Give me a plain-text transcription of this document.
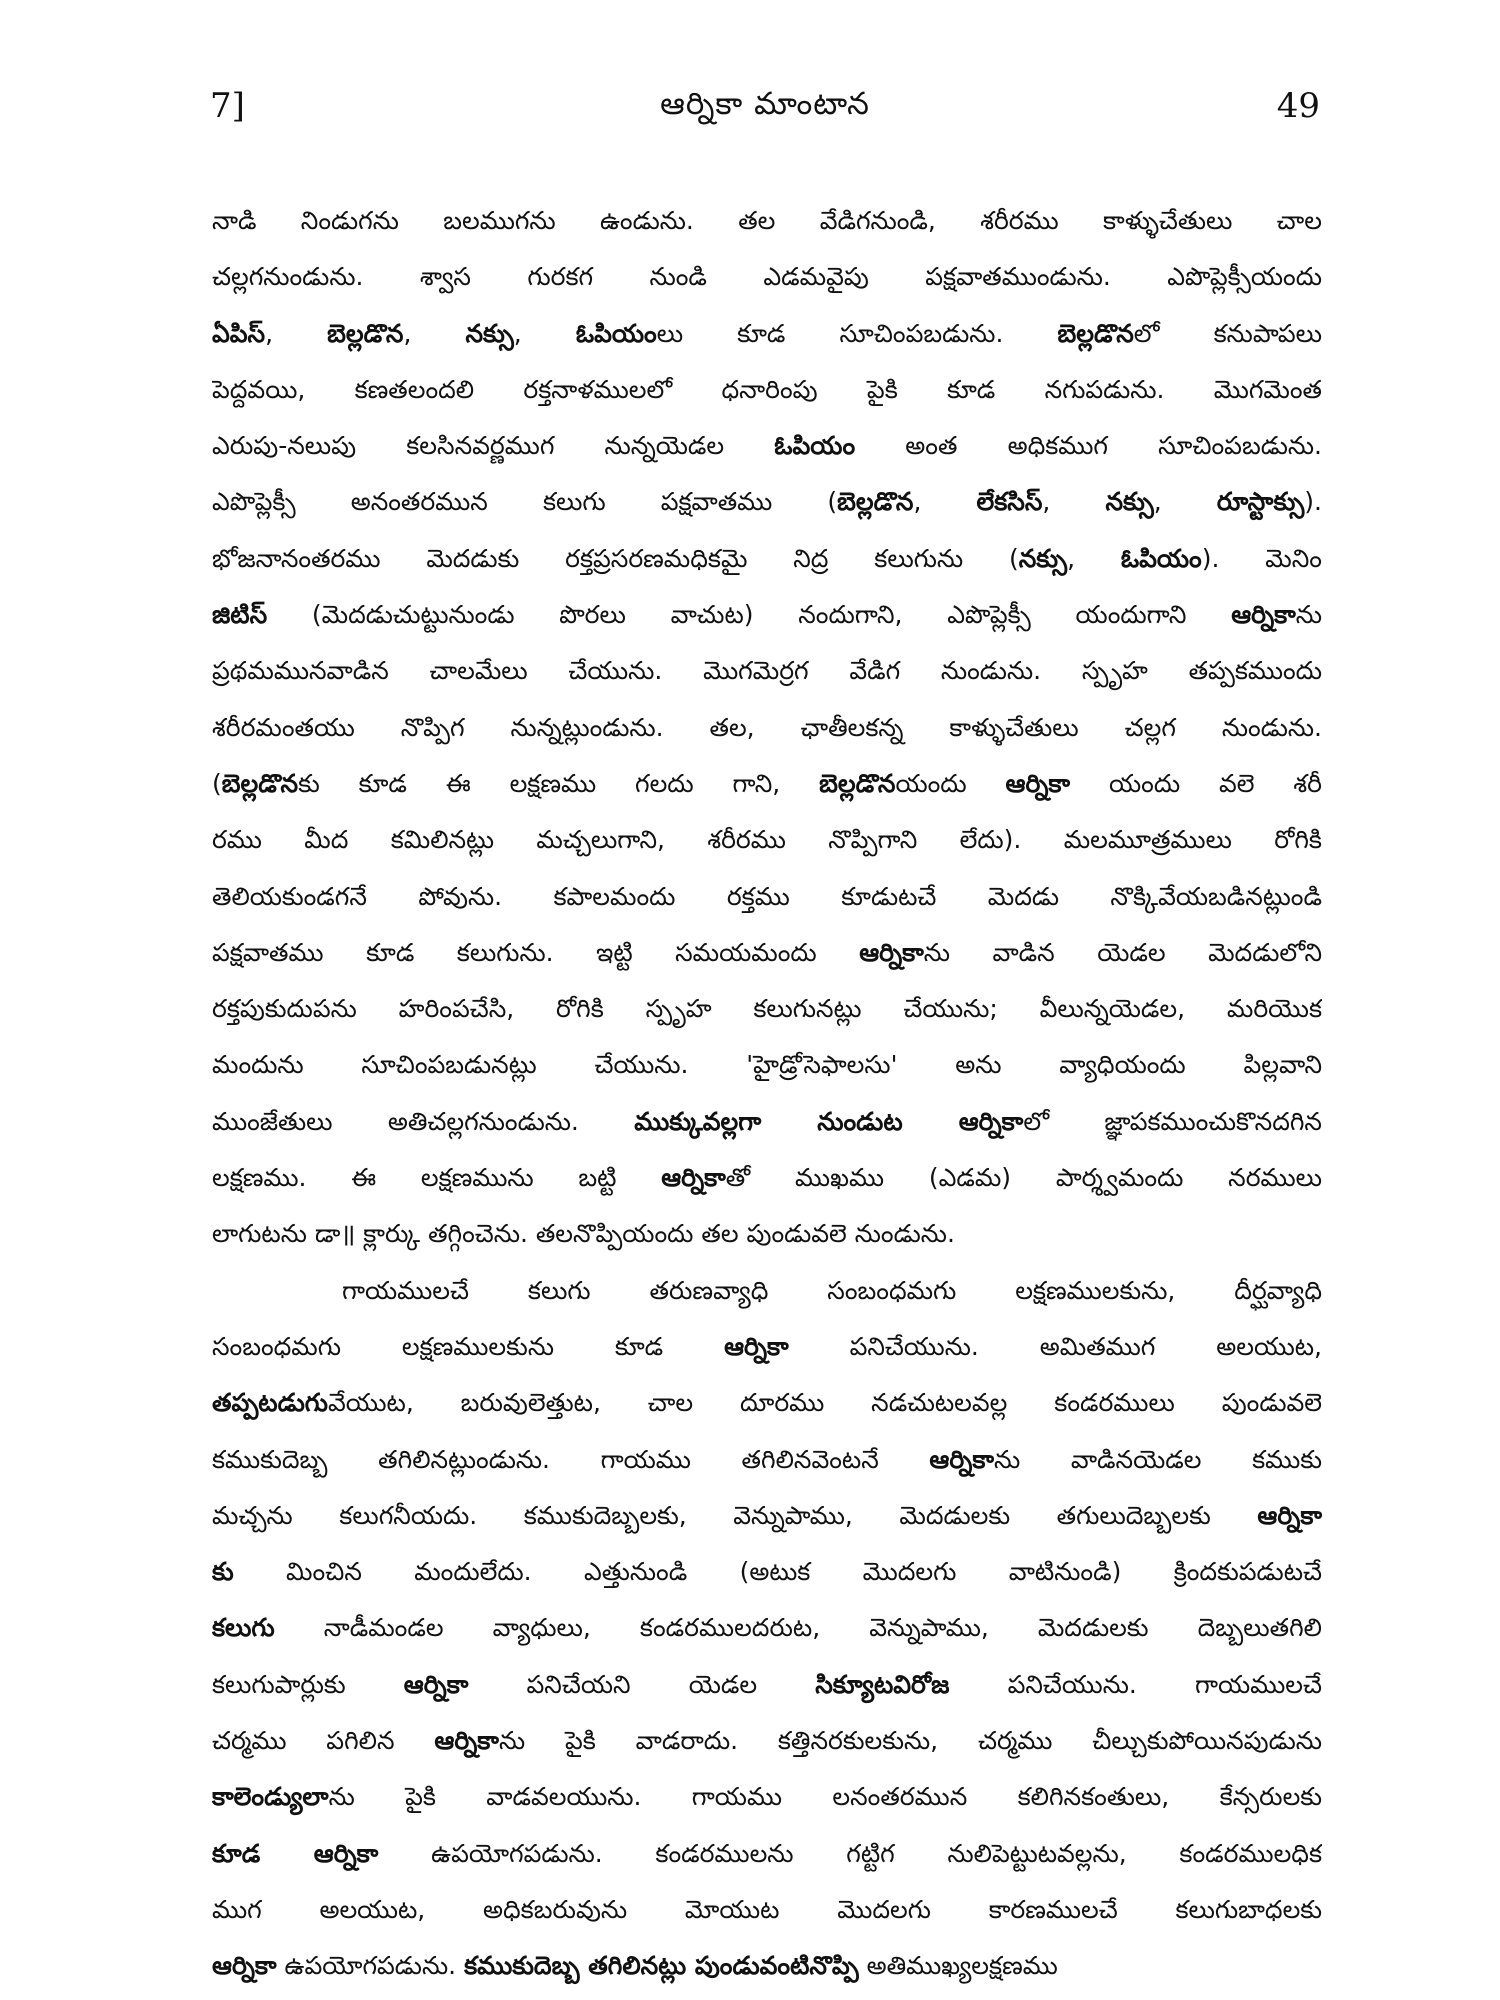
7]	ఆర్నికా మాంటాన	49
నాడి నిండుగను బలముగను ఉండును. తల వేడిగనుండి, శరీరము కాళ్ళుచేతులు చాల
చల్లగనుండును. శ్వాస గురకగ నుండి ఎడమవైపు పక్షవాతముండును. ఎపొప్లెక్సీయందు
ఏపిస్, బెల్లడొన, నక్సు, ఓపియంలు కూడ సూచింపబడును. బెల్లడొనలో కనుపాపలు
పెద్దవయి, కణతలందలి రక్తనాళములలో ధనారింపు పైకి కూడ నగుపడును. మొగమెంత
ఎరుపు-నలుపు కలసినవర్ణముగ నున్నయెడల ఓపియం అంత అధికముగ సూచింపబడును.
ఎపొప్లెక్సీ అనంతరమున కలుగు పక్షవాతము (బెల్లడొన, లేకసిస్, నక్సు, రూస్టాక్సు).
భోజనానంతరము మెదడుకు రక్తప్రసరణమధికమై నిద్ర కలుగును (నక్సు, ఓపియం). మెనిం
జిటిస్ (మెదడుచుట్టునుండు పొరలు వాచుట) నందుగాని, ఎపొప్లెక్సీ యందుగాని ఆర్నికాను
ప్రథమమునవాడిన చాలమేలు చేయును. మొగమెర్రగ వేడిగ నుండును. స్పృహ తప్పకముందు
శరీరమంతయు నొప్పిగ నున్నట్లుండును. తల, ఛాతీలకన్న కాళ్ళుచేతులు చల్లగ నుండును.
(బెల్లడొనకు కూడ ఈ లక్షణము గలదు గాని, బెల్లడొనయందు ఆర్నికా యందు వలె శరీ
రము మీద కమిలినట్లు మచ్చలుగాని, శరీరము నొప్పిగాని లేదు). మలమూత్రములు రోగికి
తెలియకుండగనే పోవును. కపాలమందు రక్తము కూడుటచే మెదడు నొక్కివేయబడినట్లుండి
పక్షవాతము కూడ కలుగును. ఇట్టి సమయమందు ఆర్నికాను వాడిన యెడల మెదడులోని
రక్తపుకుదుపను హరింపచేసి, రోగికి స్పృహ కలుగునట్లు చేయును; వీలున్నయెడల, మరియొక
మందును సూచింపబడునట్లు చేయును. 'హైడ్రోసెఫాలసు' అను వ్యాధియందు పిల్లవాని
ముంజేతులు అతిచల్లగనుండును. ముక్కువల్లగా నుండుట ఆర్నికాలో జ్ఞాపకముంచుకొనదగిన
లక్షణము. ఈ లక్షణమును బట్టి ఆర్నికాతో ముఖము (ఎడమ) పార్శ్వమందు నరములు
లాగుటను డా॥ క్లార్కు తగ్గించెను. తలనొప్పియందు తల పుండువలె నుండును.
గాయములచే కలుగు తరుణవ్యాధి సంబంధమగు లక్షణములకును, దీర్ఘవ్యాధి
సంబంధమగు లక్షణములకును కూడ ఆర్నికా పనిచేయును. అమితముగ అలయుట,
తప్పటడుగువేయుట, బరువులెత్తుట, చాల దూరము నడచుటలవల్ల కండరములు పుండువలె
కముకుదెబ్బ తగిలినట్లుండును. గాయము తగిలినవెంటనే ఆర్నికాను వాడినయెడల కముకు
మచ్చను కలుగనీయదు. కముకుదెబ్బలకు, వెన్నుపాము, మెదడులకు తగులుదెబ్బలకు ఆర్నికా
కు మించిన మందులేదు. ఎత్తునుండి (అటుక మొదలగు వాటినుండి) క్రిందకుపడుటచే
కలుగు నాడీమండల వ్యాధులు, కండరములదరుట, వెన్నుపాము, మెదడులకు దెబ్బలుతగిలి
కలుగుపార్లుకు ఆర్నికా పనిచేయని యెడల సిక్యూటవిరోజ పనిచేయును. గాయములచే
చర్మము పగిలిన ఆర్నికాను పైకి వాడరాదు. కత్తినరకులకును, చర్మము చీల్చుకుపోయినపుడును
కాలెండ్యులాను పైకి వాడవలయును. గాయము లనంతరమున కలిగినకంతులు, కేన్సరులకు
కూడ ఆర్నికా ఉపయోగపడును. కండరములను గట్టిగ నులిపెట్టుటవల్లను, కండరములధిక
ముగ అలయుట, అధికబరువును మోయుట మొదలగు కారణములచే కలుగుబాధలకు
ఆర్నికా ఉపయోగపడును. కముకుదెబ్బ తగిలినట్లు పుండువంటినొప్పి అతిముఖ్యలక్షణము
